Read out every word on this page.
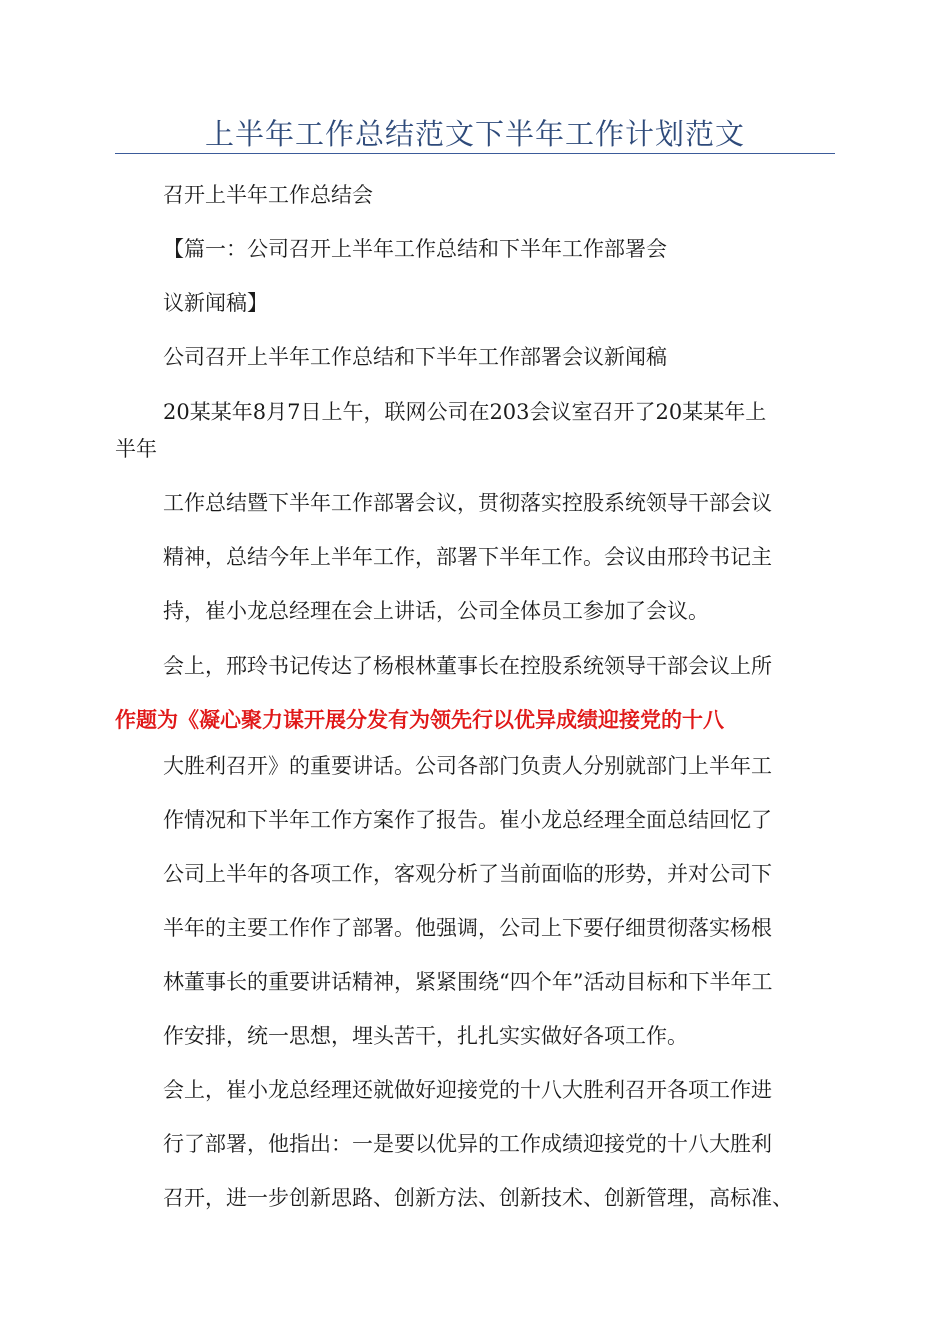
上半年工作总结范文下半年工作计划范文
召开上半年工作总结会
【篇一：公司召开上半年工作总结和下半年工作部署会
议新闻稿】
公司召开上半年工作总结和下半年工作部署会议新闻稿
20某某年8月7日上午，联网公司在203会议室召开了20某某年上
半年
工作总结暨下半年工作部署会议，贯彻落实控股系统领导干部会议
精神，总结今年上半年工作，部署下半年工作。会议由邢玲书记主
持，崔小龙总经理在会上讲话，公司全体员工参加了会议。
会上，邢玲书记传达了杨根林董事长在控股系统领导干部会议上所
作题为《凝心聚力谋开展分发有为领先行以优异成绩迎接党的十八
大胜利召开》的重要讲话。公司各部门负责人分别就部门上半年工
作情况和下半年工作方案作了报告。崔小龙总经理全面总结回忆了
公司上半年的各项工作，客观分析了当前面临的形势，并对公司下
半年的主要工作作了部署。他强调，公司上下要仔细贯彻落实杨根
林董事长的重要讲话精神，紧紧围绕“四个年”活动目标和下半年工
作安排，统一思想，埋头苦干，扎扎实实做好各项工作。
会上，崔小龙总经理还就做好迎接党的十八大胜利召开各项工作进
行了部署，他指出：一是要以优异的工作成绩迎接党的十八大胜利
召开，进一步创新思路、创新方法、创新技术、创新管理，高标准、
